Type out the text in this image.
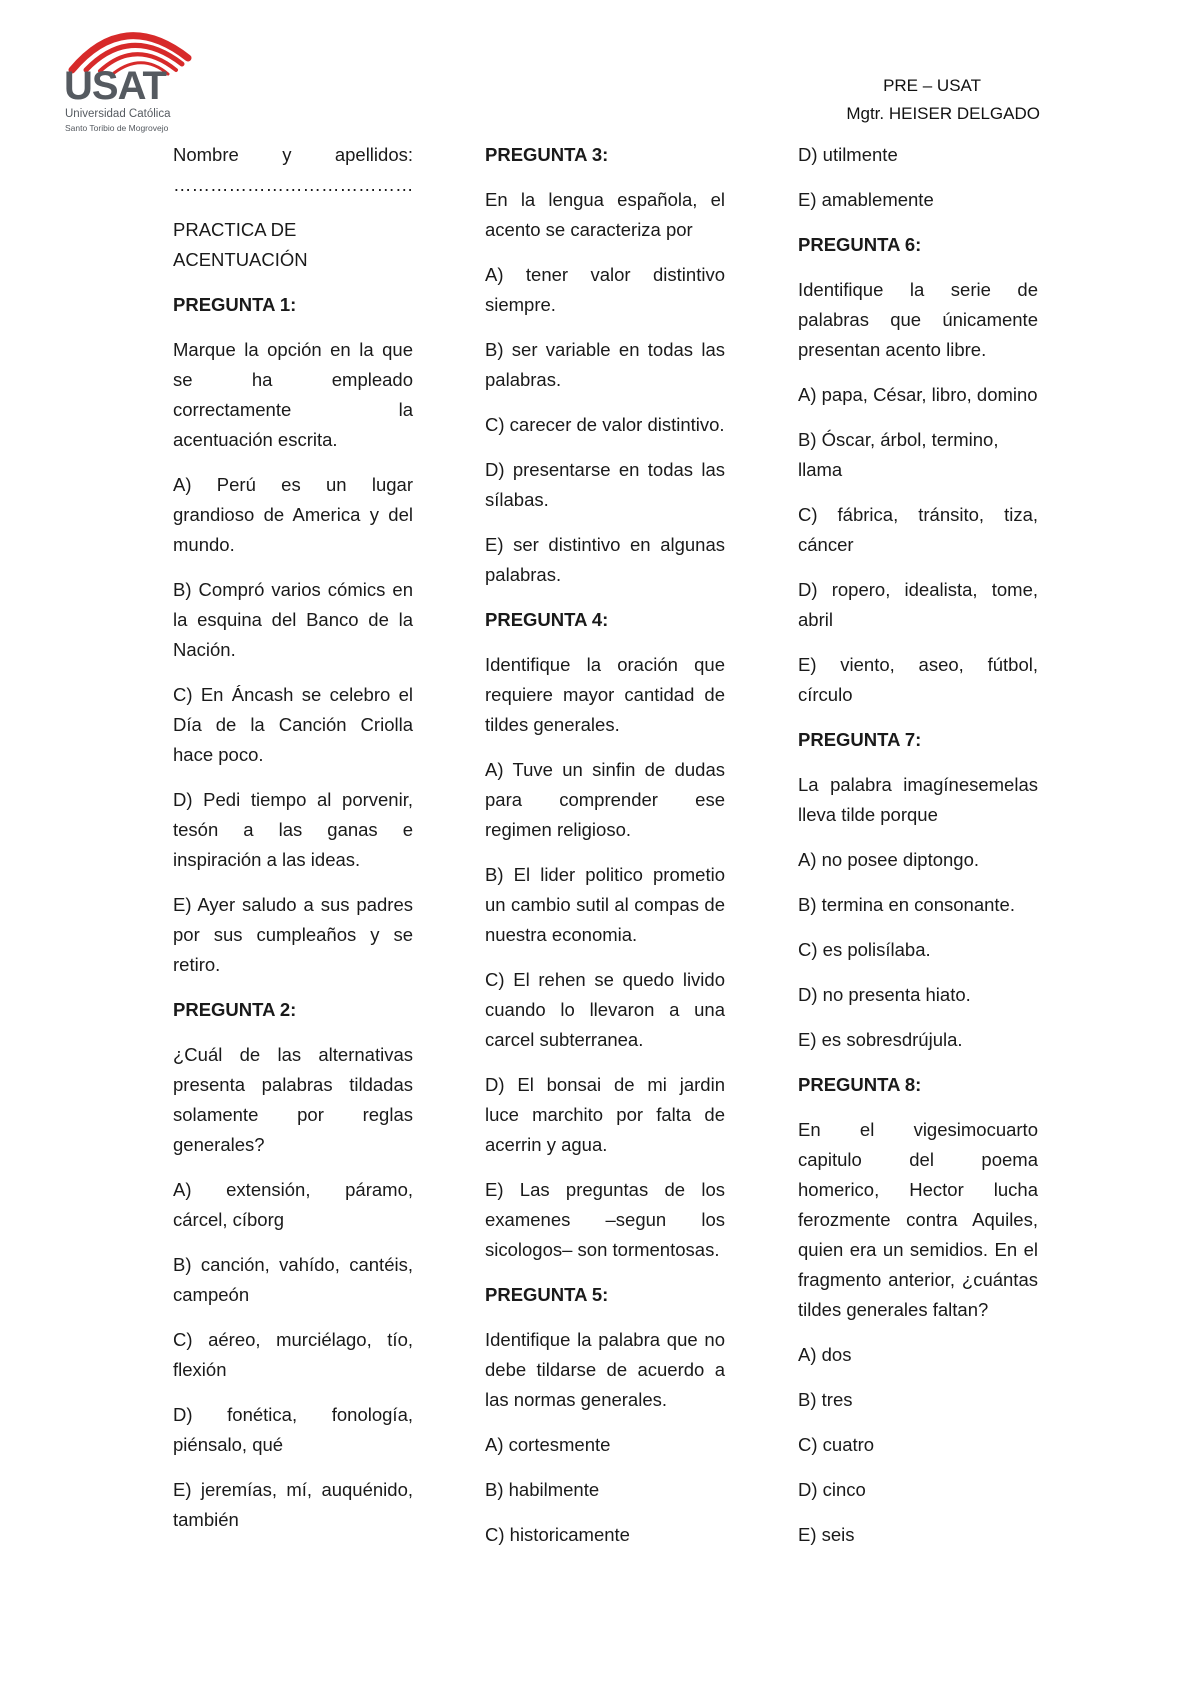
USAT
Universidad Católica
Santo Toribio de Mogrovejo
PRE – USAT
Mgtr. HEISER DELGADO

Nombre y apellidos: …………………………………

PRACTICA DE ACENTUACIÓN

PREGUNTA 1:

Marque la opción en la que se ha empleado correctamente la acentuación escrita.

A) Perú es un lugar grandioso de America y del mundo.

B) Compró varios cómics en la esquina del Banco de la Nación.

C) En Áncash se celebro el Día de la Canción Criolla hace poco.

D) Pedi tiempo al porvenir, tesón a las ganas e inspiración a las ideas.

E) Ayer saludo a sus padres por sus cumpleaños y se retiro.

PREGUNTA 2:

¿Cuál de las alternativas presenta palabras tildadas solamente por reglas generales?

A) extensión, páramo, cárcel, cíborg

B) canción, vahído, cantéis, campeón

C) aéreo, murciélago, tío, flexión

D) fonética, fonología, piénsalo, qué

E) jeremías, mí, auquénido, también

PREGUNTA 3:

En la lengua española, el acento se caracteriza por

A) tener valor distintivo siempre.

B) ser variable en todas las palabras.

C) carecer de valor distintivo.

D) presentarse en todas las sílabas.

E) ser distintivo en algunas palabras.

PREGUNTA 4:

Identifique la oración que requiere mayor cantidad de tildes generales.

A) Tuve un sinfin de dudas para comprender ese regimen religioso.

B) El lider politico prometio un cambio sutil al compas de nuestra economia.

C) El rehen se quedo livido cuando lo llevaron a una carcel subterranea.

D) El bonsai de mi jardin luce marchito por falta de acerrin y agua.

E) Las preguntas de los examenes –segun los sicologos– son tormentosas.

PREGUNTA 5:

Identifique la palabra que no debe tildarse de acuerdo a las normas generales.

A) cortesmente

B) habilmente

C) historicamente

D) utilmente

E) amablemente

PREGUNTA 6:

Identifique la serie de palabras que únicamente presentan acento libre.

A) papa, César, libro, domino

B) Óscar, árbol, termino, llama

C) fábrica, tránsito, tiza, cáncer

D) ropero, idealista, tome, abril

E) viento, aseo, fútbol, círculo

PREGUNTA 7:

La palabra imagínesemelas lleva tilde porque

A) no posee diptongo.

B) termina en consonante.

C) es polisílaba.

D) no presenta hiato.

E) es sobresdrújula.

PREGUNTA 8:

En el vigesimocuarto capitulo del poema homerico, Hector lucha ferozmente contra Aquiles, quien era un semidios. En el fragmento anterior, ¿cuántas tildes generales faltan?

A) dos

B) tres

C) cuatro

D) cinco

E) seis
